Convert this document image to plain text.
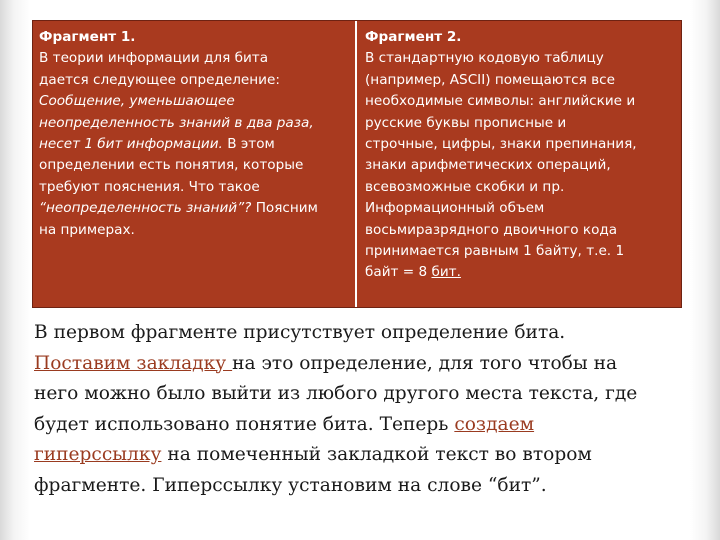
Фрагмент 1.
В теории информации для бита
дается следующее определение:
Сообщение, уменьшающее
неопределенность знаний в два раза,
несет 1 бит информации. В этом
определении есть понятия, которые
требуют пояснения. Что такое
“неопределенность знаний”? Поясним
на примерах.
Фрагмент 2.
В стандартную кодовую таблицу
(например, ASCII) помещаются все
необходимые символы: английские и
русские буквы прописные и
строчные, цифры, знаки препинания,
знаки арифметических операций,
всевозможные скобки и пр.
Информационный объем
восьмиразрядного двоичного кода
принимается равным 1 байту, т.е. 1
байт = 8 бит.
В первом фрагменте присутствует определение бита.
Поставим закладку на это определение, для того чтобы на
него можно было выйти из любого другого места текста, где
будет использовано понятие бита. Теперь создаем
гиперссылку на помеченный закладкой текст во втором
фрагменте. Гиперссылку установим на слове “бит”.
